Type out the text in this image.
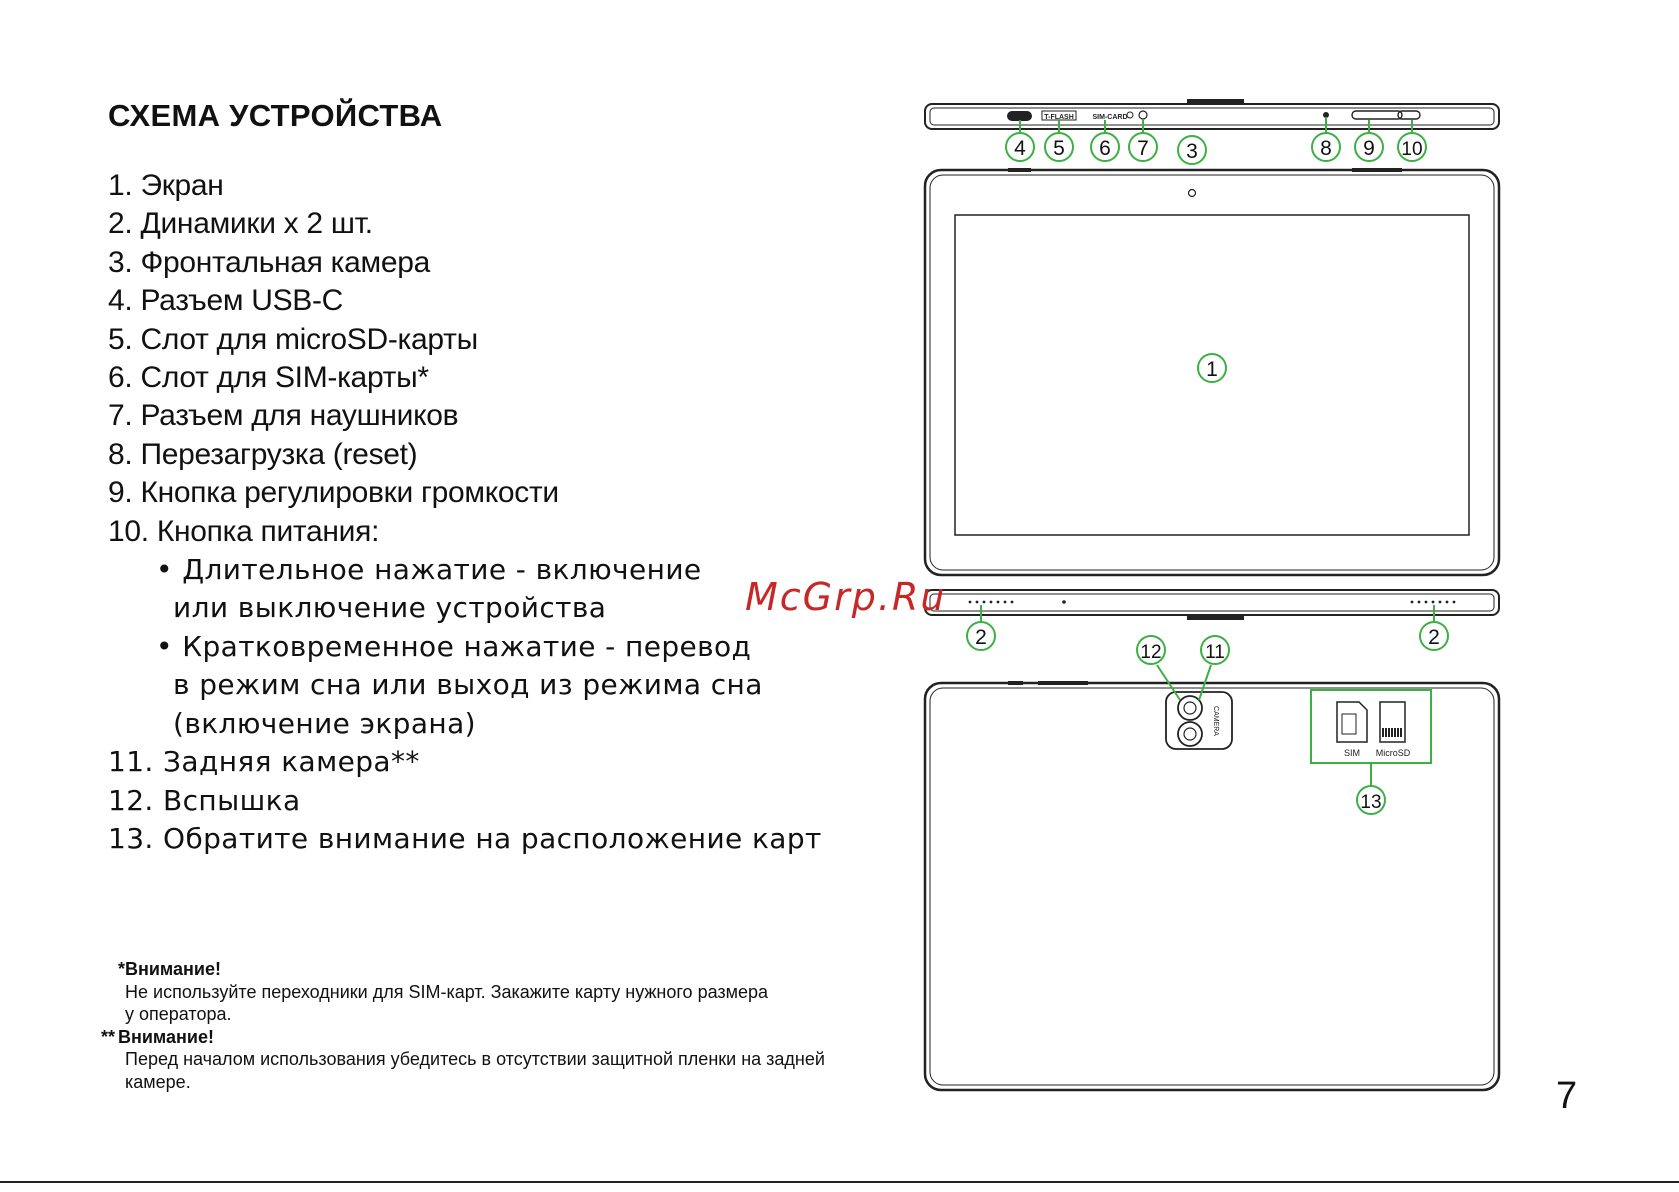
СХЕМА УСТРОЙСТВА
1. Экран
2. Динамики х 2 шт.
3. Фронтальная камера
4. Разъем USB-C
5. Слот для microSD-карты
6. Слот для SIM-карты*
7. Разъем для наушников
8. Перезагрузка (reset)
9. Кнопка регулировки громкости
10. Кнопка питания:
• Длительное нажатие - включение
или выключение устройства
• Кратковременное нажатие - перевод
в режим сна или выход из режима сна
(включение экрана)
11. Задняя камера**
12. Вспышка
13. Обратите внимание на расположение карт
*Внимание!
Не используйте переходники для SIM-карт. Закажите карту нужного размера
у оператора.
** Внимание!
Перед началом использования убедитесь в отсутствии защитной пленки на задней
камере.
T-FLASH	SIM-CARD
CAMERA
SIM MicroSD
4 5 6 7 3	8 9 10
1
2	2
12 11
13
McGrp.Ru
7
